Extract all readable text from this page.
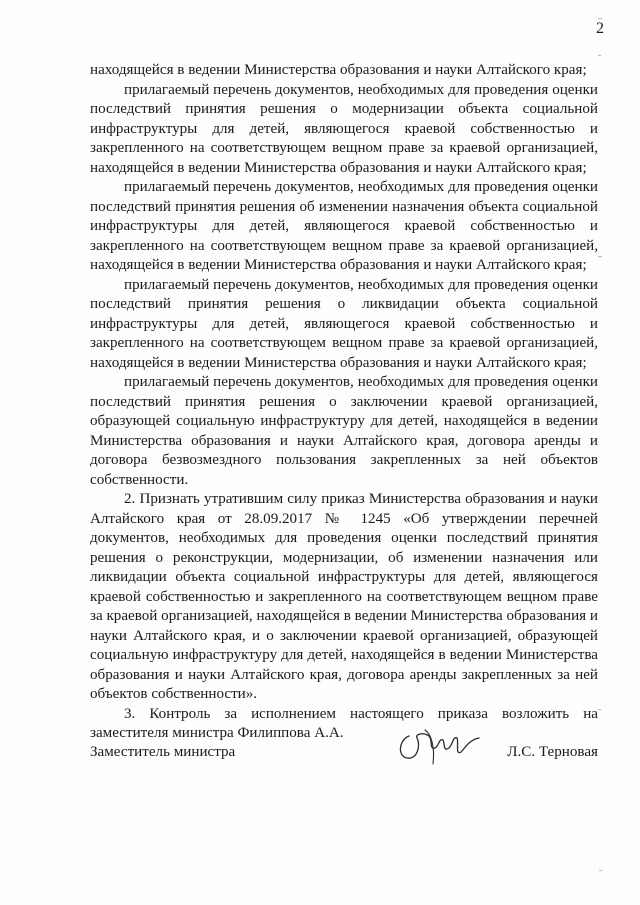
2

находящейся в ведении Министерства образования и науки Алтайского края;

прилагаемый перечень документов, необходимых для проведения оценки последствий принятия решения о модернизации объекта социальной инфраструктуры для детей, являющегося краевой собственностью и закрепленного на соответствующем вещном праве за краевой организацией, находящейся в ведении Министерства образования и науки Алтайского края;

прилагаемый перечень документов, необходимых для проведения оценки последствий принятия решения об изменении назначения объекта социальной инфраструктуры для детей, являющегося краевой собственностью и закрепленного на соответствующем вещном праве за краевой организацией, находящейся в ведении Министерства образования и науки Алтайского края;

прилагаемый перечень документов, необходимых для проведения оценки последствий принятия решения о ликвидации объекта социальной инфраструктуры для детей, являющегося краевой собственностью и закрепленного на соответствующем вещном праве за краевой организацией, находящейся в ведении Министерства образования и науки Алтайского края;

прилагаемый перечень документов, необходимых для проведения оценки последствий принятия решения о заключении краевой организацией, образующей социальную инфраструктуру для детей, находящейся в ведении Министерства образования и науки Алтайского края, договора аренды и договора безвозмездного пользования закрепленных за ней объектов собственности.

2. Признать утратившим силу приказ Министерства образования и науки Алтайского края от 28.09.2017 № 1245 «Об утверждении перечней документов, необходимых для проведения оценки последствий принятия решения о реконструкции, модернизации, об изменении назначения или ликвидации объекта социальной инфраструктуры для детей, являющегося краевой собственностью и закрепленного на соответствующем вещном праве за краевой организацией, находящейся в ведении Министерства образования и науки Алтайского края, и о заключении краевой организацией, образующей социальную инфраструктуру для детей, находящейся в ведении Министерства образования и науки Алтайского края, договора аренды закрепленных за ней объектов собственности».

3. Контроль за исполнением настоящего приказа возложить на заместителя министра Филиппова А.А.

Заместитель министра	Л.С. Терновая
